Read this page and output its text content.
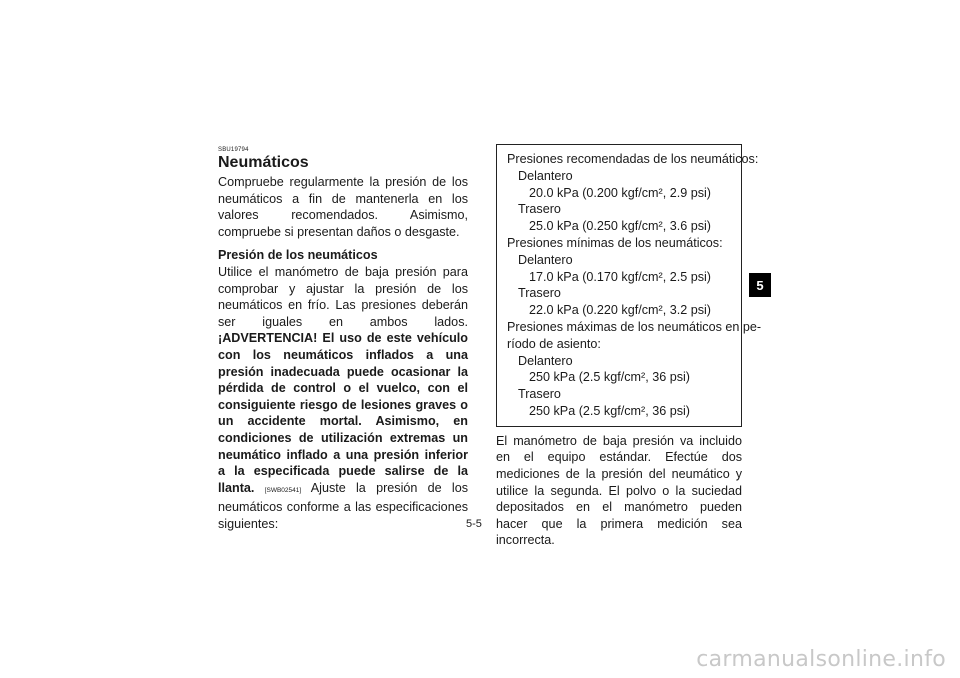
SBU19794
Neumáticos

Compruebe regularmente la presión de los neumáticos a fin de mantenerla en los valores recomendados. Asimismo, compruebe si presentan daños o desgaste.

Presión de los neumáticos

Utilice el manómetro de baja presión para comprobar y ajustar la presión de los neumáticos en frío. Las presiones deberán ser iguales en ambos lados. ¡ADVERTENCIA! El uso de este vehículo con los neumáticos inflados a una presión inadecuada puede ocasionar la pérdida de control o el vuelco, con el consiguiente riesgo de lesiones graves o un accidente mortal. Asimismo, en condiciones de utilización extremas un neumático inflado a una presión inferior a la especificada puede salirse de la llanta. [SWB02541] Ajuste la presión de los neumáticos conforme a las especificaciones siguientes:

Presiones recomendadas de los neumáticos:
Delantero
20.0 kPa (0.200 kgf/cm², 2.9 psi)
Trasero
25.0 kPa (0.250 kgf/cm², 3.6 psi)
Presiones mínimas de los neumáticos:
Delantero
17.0 kPa (0.170 kgf/cm², 2.5 psi)
Trasero
22.0 kPa (0.220 kgf/cm², 3.2 psi)
Presiones máximas de los neumáticos en pe-
ríodo de asiento:
Delantero
250 kPa (2.5 kgf/cm², 36 psi)
Trasero
250 kPa (2.5 kgf/cm², 36 psi)

El manómetro de baja presión va incluido en el equipo estándar. Efectúe dos mediciones de la presión del neumático y utilice la segunda. El polvo o la suciedad depositados en el manómetro pueden hacer que la primera medición sea incorrecta.

5
5-5
carmanualsonline.info
